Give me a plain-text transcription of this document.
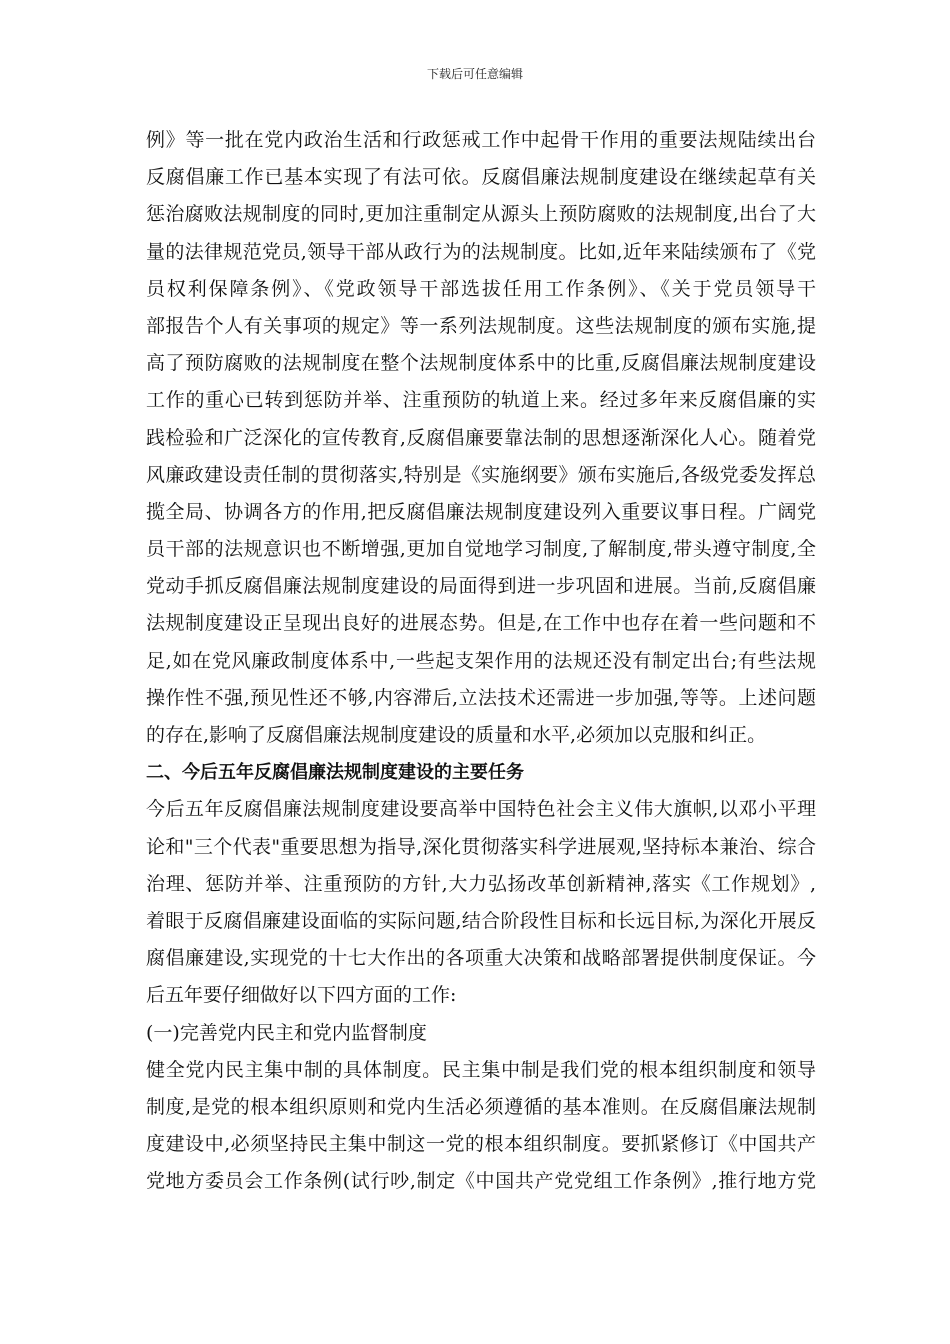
下载后可任意编辑
例》等一批在党内政治生活和行政惩戒工作中起骨干作用的重要法规陆续出台
反腐倡廉工作已基本实现了有法可依。反腐倡廉法规制度建设在继续起草有关
惩治腐败法规制度的同时,更加注重制定从源头上预防腐败的法规制度,出台了大
量的法律规范党员,领导干部从政行为的法规制度。比如,近年来陆续颁布了《党
员权利保障条例》、《党政领导干部选拔任用工作条例》、《关于党员领导干
部报告个人有关事项的规定》等一系列法规制度。这些法规制度的颁布实施,提
高了预防腐败的法规制度在整个法规制度体系中的比重,反腐倡廉法规制度建设
工作的重心已转到惩防并举、注重预防的轨道上来。经过多年来反腐倡廉的实
践检验和广泛深化的宣传教育,反腐倡廉要靠法制的思想逐渐深化人心。随着党
风廉政建设责任制的贯彻落实,特别是《实施纲要》颁布实施后,各级党委发挥总
揽全局、协调各方的作用,把反腐倡廉法规制度建设列入重要议事日程。广阔党
员干部的法规意识也不断增强,更加自觉地学习制度,了解制度,带头遵守制度,全
党动手抓反腐倡廉法规制度建设的局面得到进一步巩固和进展。当前,反腐倡廉
法规制度建设正呈现出良好的进展态势。但是,在工作中也存在着一些问题和不
足,如在党风廉政制度体系中,一些起支架作用的法规还没有制定出台;有些法规
操作性不强,预见性还不够,内容滞后,立法技术还需进一步加强,等等。上述问题
的存在,影响了反腐倡廉法规制度建设的质量和水平,必须加以克服和纠正。
二、今后五年反腐倡廉法规制度建设的主要任务
今后五年反腐倡廉法规制度建设要高举中国特色社会主义伟大旗帜,以邓小平理
论和"三个代表"重要思想为指导,深化贯彻落实科学进展观,坚持标本兼治、综合
治理、惩防并举、注重预防的方针,大力弘扬改革创新精神,落实《工作规划》,
着眼于反腐倡廉建设面临的实际问题,结合阶段性目标和长远目标,为深化开展反
腐倡廉建设,实现党的十七大作出的各项重大决策和战略部署提供制度保证。今
后五年要仔细做好以下四方面的工作:
(一)完善党内民主和党内监督制度
健全党内民主集中制的具体制度。民主集中制是我们党的根本组织制度和领导
制度,是党的根本组织原则和党内生活必须遵循的基本准则。在反腐倡廉法规制
度建设中,必须坚持民主集中制这一党的根本组织制度。要抓紧修订《中国共产
党地方委员会工作条例(试行吵,制定《中国共产党党组工作条例》,推行地方党
